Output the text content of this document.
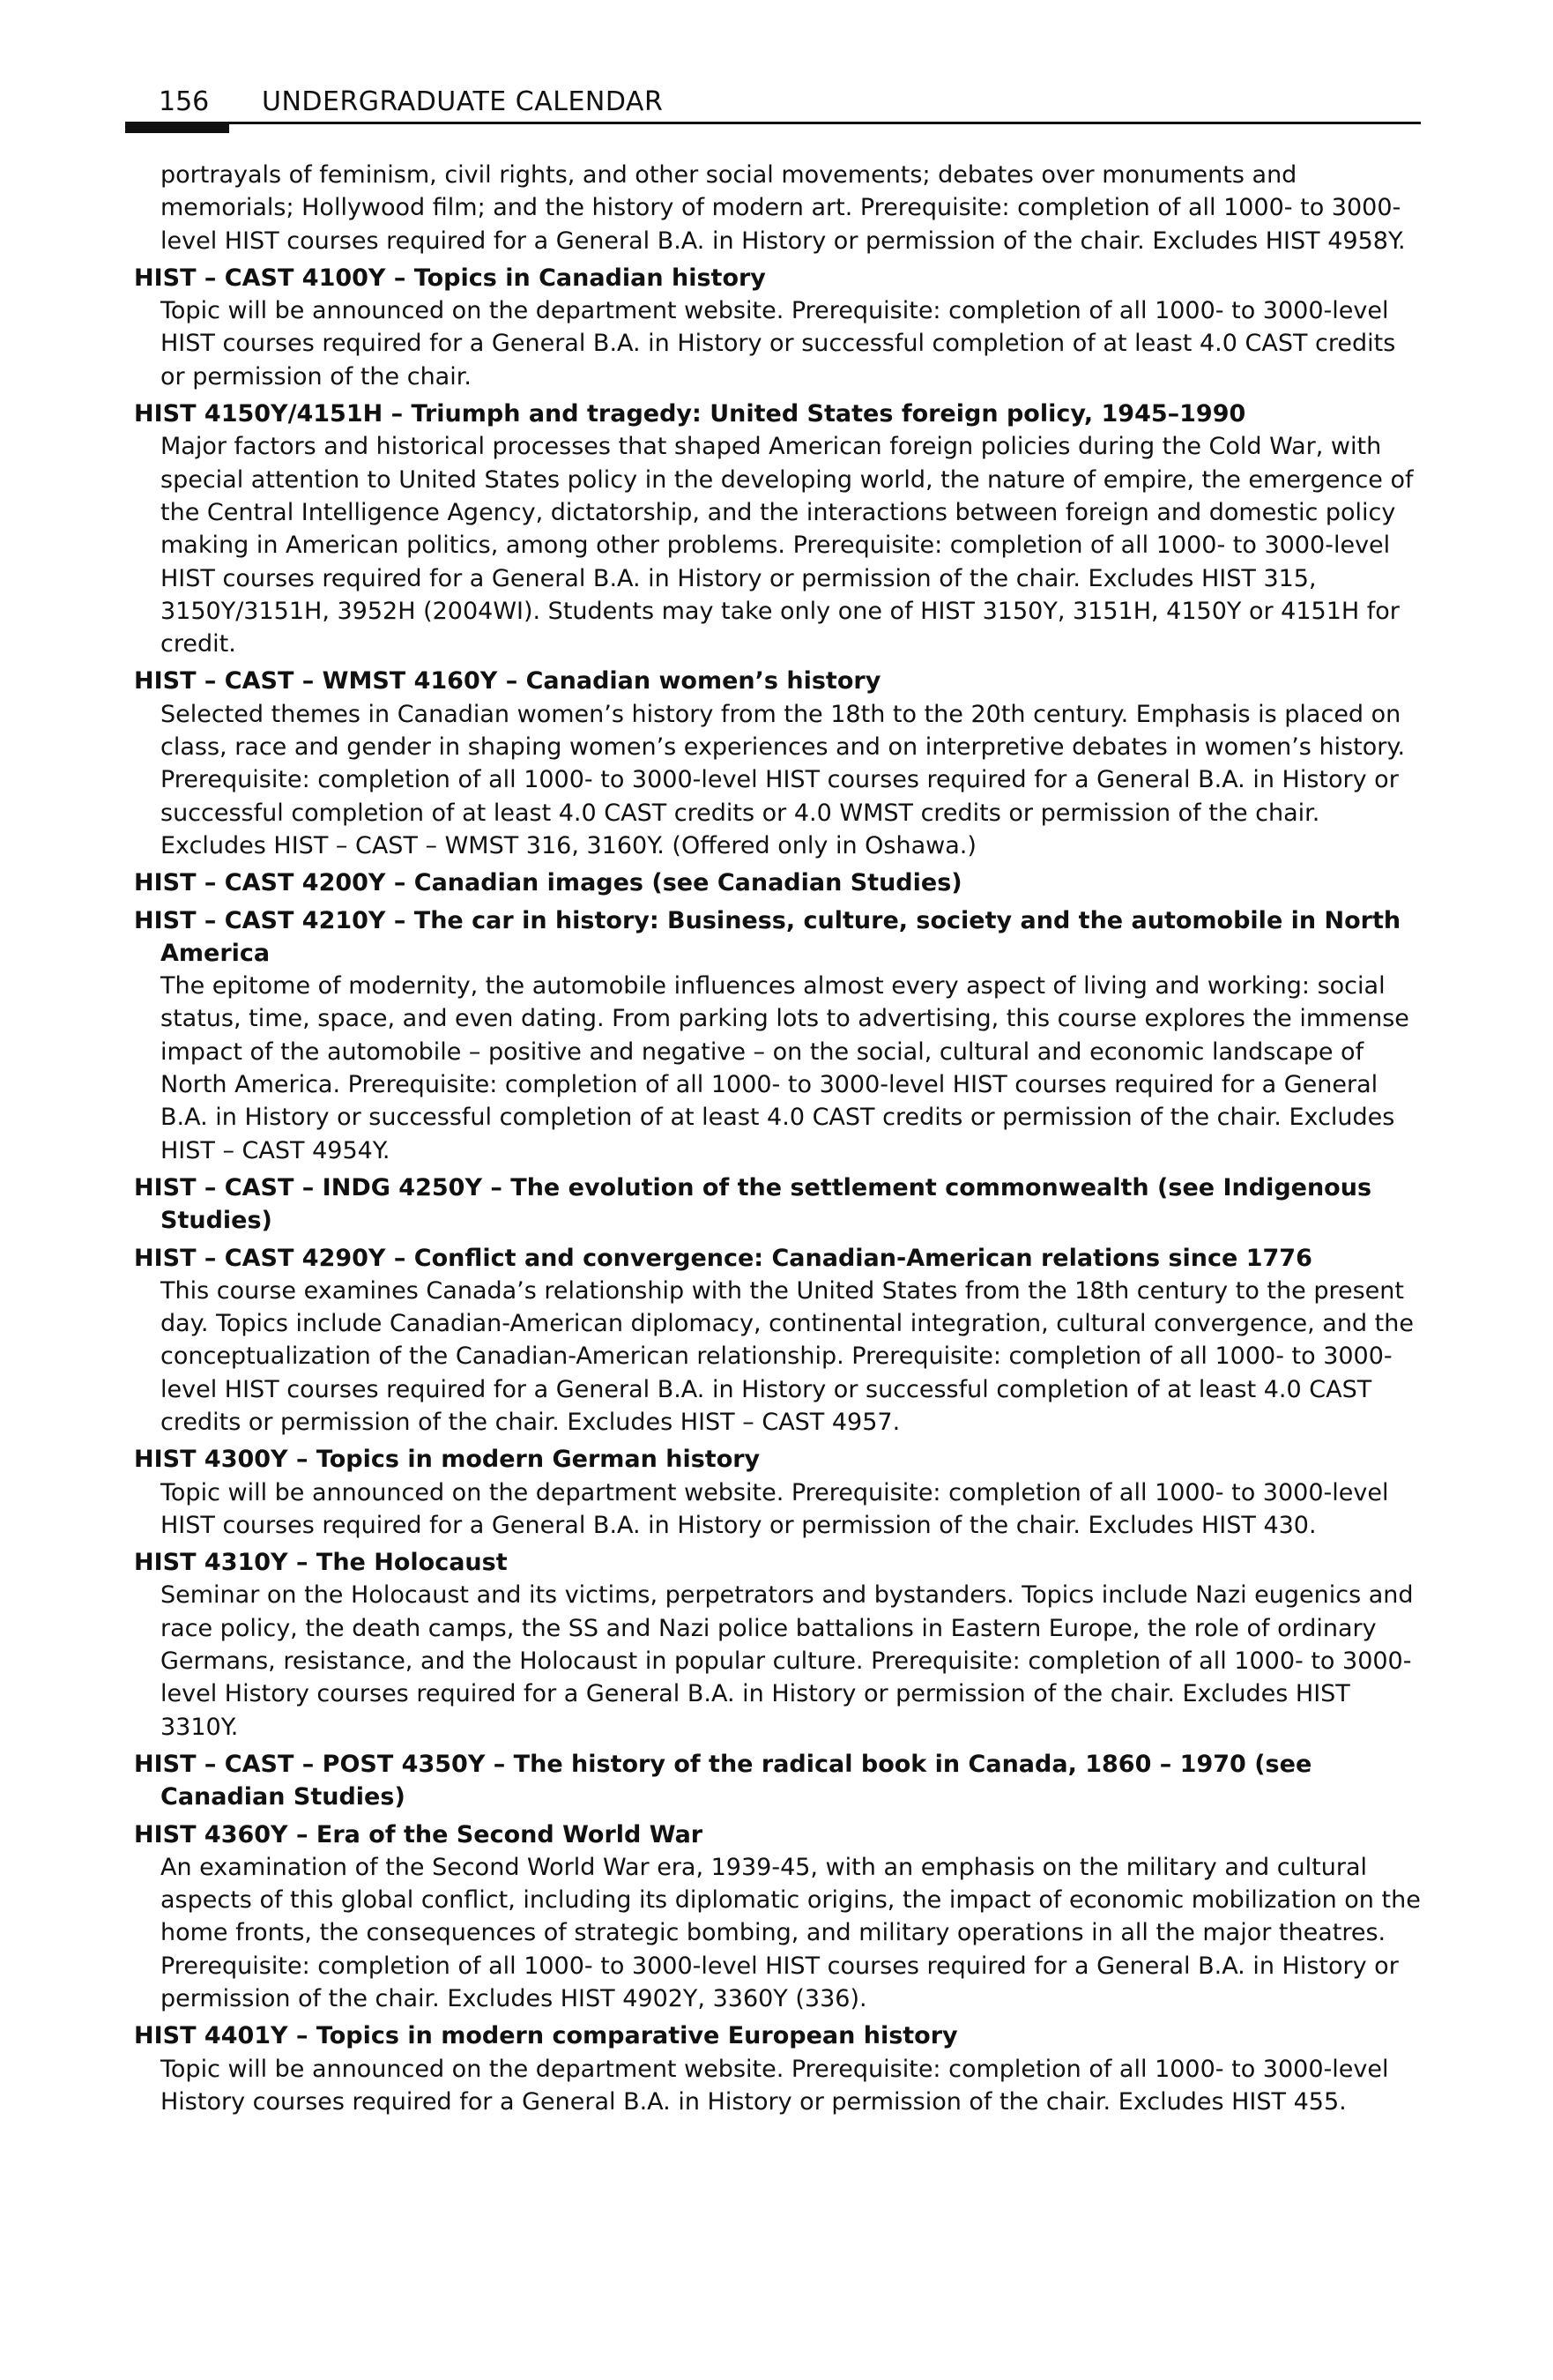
156 UNDERGRADUATE CALENDAR

portrayals of feminism, civil rights, and other social movements; debates over monuments and memorials; Hollywood film; and the history of modern art. Prerequisite: completion of all 1000- to 3000-level HIST courses required for a General B.A. in History or permission of the chair. Excludes HIST 4958Y.

HIST – CAST 4100Y – Topics in Canadian history

Topic will be announced on the department website. Prerequisite: completion of all 1000- to 3000-level HIST courses required for a General B.A. in History or successful completion of at least 4.0 CAST credits or permission of the chair.

HIST 4150Y/4151H – Triumph and tragedy: United States foreign policy, 1945–1990

Major factors and historical processes that shaped American foreign policies during the Cold War, with special attention to United States policy in the developing world, the nature of empire, the emergence of the Central Intelligence Agency, dictatorship, and the interactions between foreign and domestic policy making in American politics, among other problems. Prerequisite: completion of all 1000- to 3000-level HIST courses required for a General B.A. in History or permission of the chair. Excludes HIST 315, 3150Y/3151H, 3952H (2004WI). Students may take only one of HIST 3150Y, 3151H, 4150Y or 4151H for credit.

HIST – CAST – WMST 4160Y – Canadian women’s history

Selected themes in Canadian women’s history from the 18th to the 20th century. Emphasis is placed on class, race and gender in shaping women’s experiences and on interpretive debates in women’s history. Prerequisite: completion of all 1000- to 3000-level HIST courses required for a General B.A. in History or successful completion of at least 4.0 CAST credits or 4.0 WMST credits or permission of the chair. Excludes HIST – CAST – WMST 316, 3160Y. (Offered only in Oshawa.)

HIST – CAST 4200Y – Canadian images (see Canadian Studies)

HIST – CAST 4210Y – The car in history: Business, culture, society and the automobile in North America

The epitome of modernity, the automobile influences almost every aspect of living and working: social status, time, space, and even dating. From parking lots to advertising, this course explores the immense impact of the automobile – positive and negative – on the social, cultural and economic landscape of North America. Prerequisite: completion of all 1000- to 3000-level HIST courses required for a General B.A. in History or successful completion of at least 4.0 CAST credits or permission of the chair. Excludes HIST – CAST 4954Y.

HIST – CAST – INDG 4250Y – The evolution of the settlement commonwealth (see Indigenous Studies)

HIST – CAST 4290Y – Conflict and convergence: Canadian-American relations since 1776

This course examines Canada’s relationship with the United States from the 18th century to the present day. Topics include Canadian-American diplomacy, continental integration, cultural convergence, and the conceptualization of the Canadian-American relationship. Prerequisite: completion of all 1000- to 3000-level HIST courses required for a General B.A. in History or successful completion of at least 4.0 CAST credits or permission of the chair. Excludes HIST – CAST 4957.

HIST 4300Y – Topics in modern German history

Topic will be announced on the department website. Prerequisite: completion of all 1000- to 3000-level HIST courses required for a General B.A. in History or permission of the chair. Excludes HIST 430.

HIST 4310Y – The Holocaust

Seminar on the Holocaust and its victims, perpetrators and bystanders. Topics include Nazi eugenics and race policy, the death camps, the SS and Nazi police battalions in Eastern Europe, the role of ordinary Germans, resistance, and the Holocaust in popular culture. Prerequisite: completion of all 1000- to 3000-level History courses required for a General B.A. in History or permission of the chair. Excludes HIST 3310Y.

HIST – CAST – POST 4350Y – The history of the radical book in Canada, 1860 – 1970 (see Canadian Studies)

HIST 4360Y – Era of the Second World War

An examination of the Second World War era, 1939-45, with an emphasis on the military and cultural aspects of this global conflict, including its diplomatic origins, the impact of economic mobilization on the home fronts, the consequences of strategic bombing, and military operations in all the major theatres. Prerequisite: completion of all 1000- to 3000-level HIST courses required for a General B.A. in History or permission of the chair. Excludes HIST 4902Y, 3360Y (336).

HIST 4401Y – Topics in modern comparative European history

Topic will be announced on the department website. Prerequisite: completion of all 1000- to 3000-level History courses required for a General B.A. in History or permission of the chair. Excludes HIST 455.
